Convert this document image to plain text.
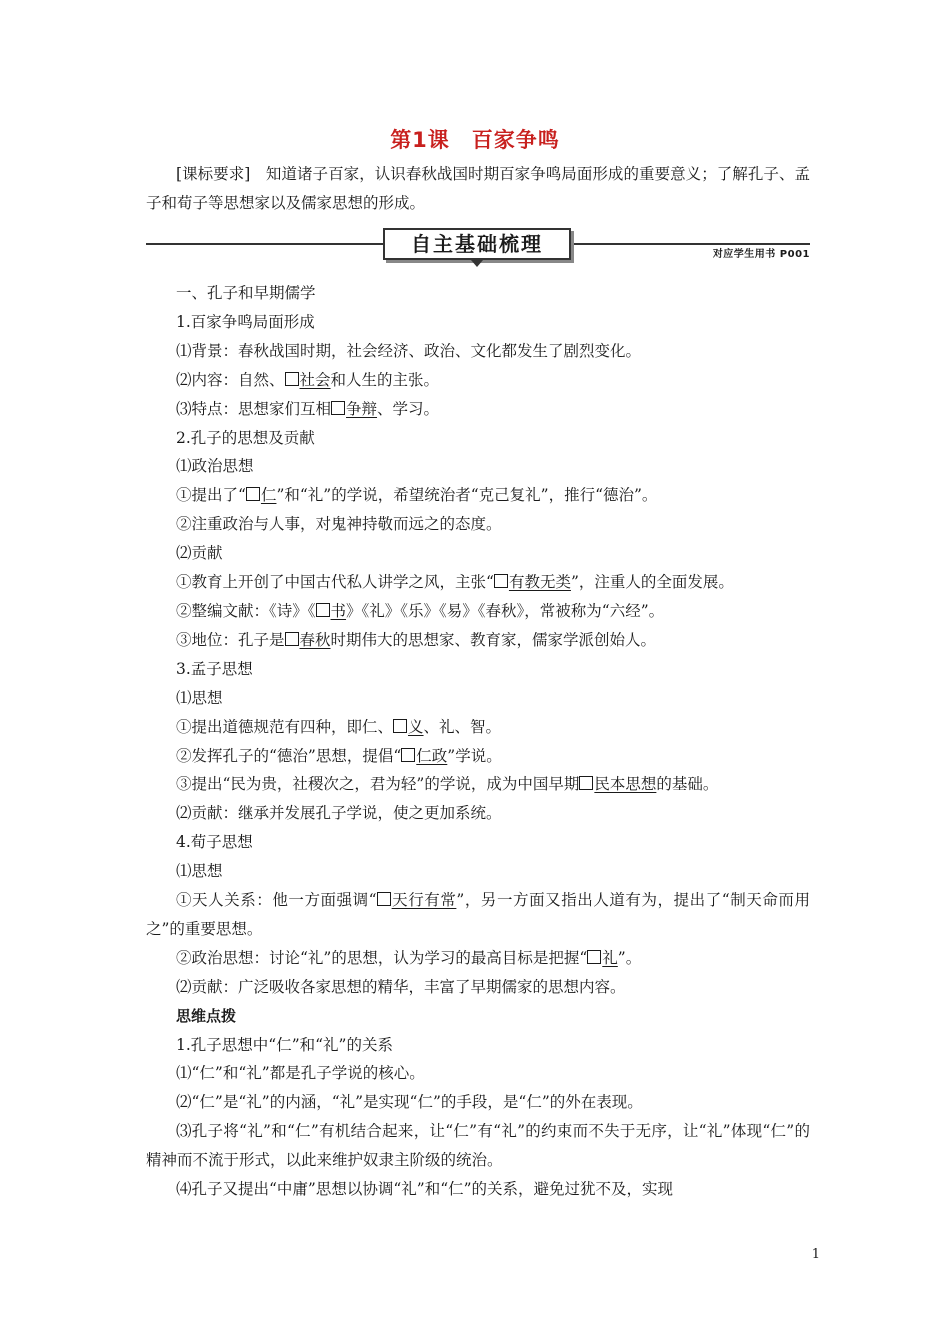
第1课　百家争鸣
[课标要求]　知道诸子百家，认识春秋战国时期百家争鸣局面形成的重要意义；了解孔子、孟子和荀子等思想家以及儒家思想的形成。
自主基础梳理	对应学生用书 P001

一、孔子和早期儒学

1.百家争鸣局面形成

⑴背景：春秋战国时期，社会经济、政治、文化都发生了剧烈变化。

⑵内容：自然、 社会和人生的主张。

⑶特点：思想家们互相 争辩、学习。

2.孔子的思想及贡献

⑴政治思想

①提出了“ 仁”和“礼”的学说，希望统治者“克己复礼”，推行“德治”。

②注重政治与人事，对鬼神持敬而远之的态度。

⑵贡献

①教育上开创了中国古代私人讲学之风，主张“ 有教无类”，注重人的全面发展。

②整编文献：《诗》《 书》《礼》《乐》《易》《春秋》，常被称为“六经”。

③地位：孔子是 春秋时期伟大的思想家、教育家，儒家学派创始人。

3.孟子思想

⑴思想

①提出道德规范有四种，即仁、 义、礼、智。

②发挥孔子的“德治”思想，提倡“ 仁政”学说。

③提出“民为贵，社稷次之，君为轻”的学说，成为中国早期 民本思想的基础。

⑵贡献：继承并发展孔子学说，使之更加系统。

4.荀子思想

⑴思想

①天人关系：他一方面强调“ 天行有常”，另一方面又指出人道有为，提出了“制天命而用之”的重要思想。

②政治思想：讨论“礼”的思想，认为学习的最高目标是把握“ 礼”。

⑵贡献：广泛吸收各家思想的精华，丰富了早期儒家的思想内容。

思维点拨

1.孔子思想中“仁”和“礼”的关系

⑴“仁”和“礼”都是孔子学说的核心。

⑵“仁”是“礼”的内涵，“礼”是实现“仁”的手段，是“仁”的外在表现。

⑶孔子将“礼”和“仁”有机结合起来，让“仁”有“礼”的约束而不失于无序，让“礼”体现“仁”的精神而不流于形式，以此来维护奴隶主阶级的统治。

⑷孔子又提出“中庸”思想以协调“礼”和“仁”的关系，避免过犹不及，实现

1
